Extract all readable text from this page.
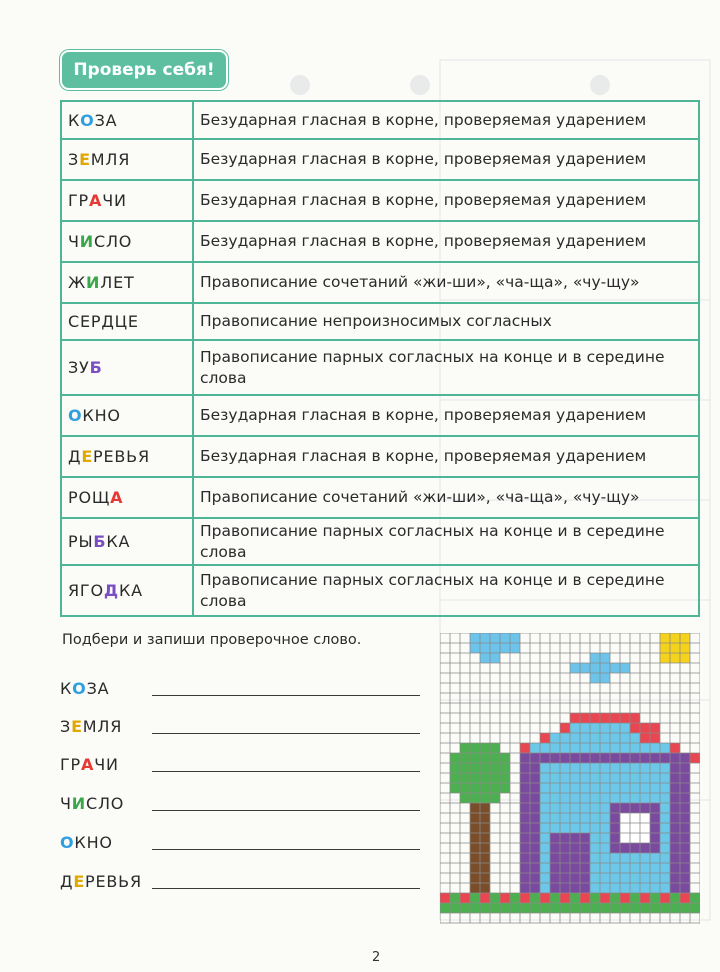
Проверь себя!
КОЗА	Безударная гласная в корне, проверяемая ударением
ЗЕМЛЯ	Безударная гласная в корне, проверяемая ударением
ГРАЧИ	Безударная гласная в корне, проверяемая ударением
ЧИСЛО	Безударная гласная в корне, проверяемая ударением
ЖИЛЕТ	Правописание сочетаний «жи-ши», «ча-ща», «чу-щу»
СЕРДЦЕ	Правописание непроизносимых согласных
ЗУБ	Правописание парных согласных на конце и в середине слова
ОКНО	Безударная гласная в корне, проверяемая ударением
ДЕРЕВЬЯ	Безударная гласная в корне, проверяемая ударением
РОЩА	Правописание сочетаний «жи-ши», «ча-ща», «чу-щу»
РЫБКА	Правописание парных согласных на конце и в середине слова
ЯГОДКА	Правописание парных согласных на конце и в середине слова
Подбери и запиши проверочное слово.
КОЗА
ЗЕМЛЯ
ГРАЧИ
ЧИСЛО
ОКНО
ДЕРЕВЬЯ
2
